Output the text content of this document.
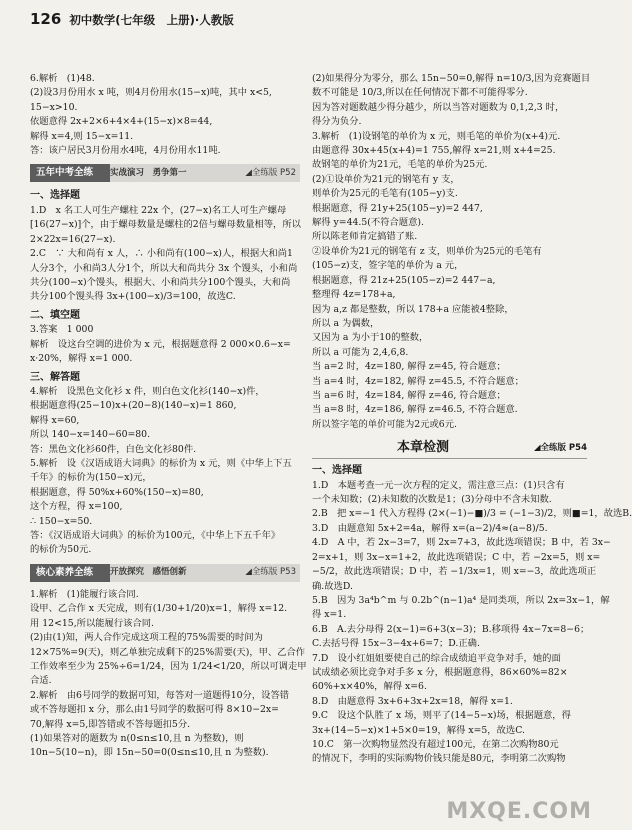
126 初中数学(七年级　上册)·人教版
6.解析　(1)48.
(2)设3月份用水 x 吨，则4月份用水(15−x)吨，其中 x<5,
15−x>10.
依题意得 2x+2×6+4×4+(15−x)×8=44,
解得 x=4,则 15−x=11.
答：该户居民3月份用水4吨，4月份用水11吨.
五年中考全练	实战演习　勇争第一	◢全练版 P52
一、选择题
1.D　x 名工人可生产螺柱 22x 个，(27−x)名工人可生产螺母
[16(27−x)]个，由于螺母数量是螺柱的2倍与螺母数量相等，所以
2×22x=16(27−x).
2.C　∵ 大和尚有 x 人，∴ 小和尚有(100−x)人，根据大和尚1
人分3个，小和尚3人分1个，所以大和尚共分 3x 个馒头，小和尚
共分(100−x)个馒头，根据大、小和尚共分100个馒头，大和尚
共分100个馒头得 3x+(100−x)/3=100，故选C.
二、填空题
3.答案　1 000
解析　设这台空调的进价为 x 元，根据题意得 2 000×0.6−x=
x·20%，解得 x=1 000.
三、解答题
4.解析　设黑色文化衫 x 件，则白色文化衫(140−x)件，
根据题意得(25−10)x+(20−8)(140−x)=1 860,
解得 x=60,
所以 140−x=140−60=80.
答：黑色文化衫60件，白色文化衫80件.
5.解析　设《汉语成语大词典》的标价为 x 元，则《中华上下五
千年》的标价为(150−x)元，
根据题意，得 50%x+60%(150−x)=80,
这个方程，得 x=100,
∴ 150−x=50.
答：《汉语成语大词典》的标价为100元，《中华上下五千年》
的标价为50元.
核心素养全练	开放探究　感悟创新	◢全练版 P53
1.解析　(1)能履行该合同.
设甲、乙合作 x 天完成，则有(1/30+1/20)x=1，解得 x=12.
用 12<15,所以能履行该合同.
(2)由(1)知，两人合作完成这项工程的75%需要的时间为
12×75%=9(天)，则乙单独完成剩下的25%需要(天)，甲、乙合作
工作效率至少为 25%÷6=1/24，因为 1/24<1/20，所以可调走甲
合适.
2.解析　由6号同学的数据可知，每答对一道题得10分，设答错
或不答每题扣 x 分，那么由1号同学的数据可得 8×10−2x=
70,解得 x=5,即答错或不答每题扣5分.
(1)如果答对的题数为 n(0≤n≤10,且 n 为整数)，则
10n−5(10−n)，即 15n−50=0(0≤n≤10,且 n 为整数).
(2)如果得分为零分，那么 15n−50=0,解得 n=10/3,因为竞赛题目
数不可能是 10/3,所以在任何情况下都不可能得零分.
因为答对题数越少得分越少，所以当答对题数为 0,1,2,3 时，
得分为负分.
3.解析　(1)设钢笔的单价为 x 元，则毛笔的单价为(x+4)元.
由题意得 30x+45(x+4)=1 755,解得 x=21,则 x+4=25.
故钢笔的单价为21元，毛笔的单价为25元.
(2)①设单价为21元的钢笔有 y 支，
则单价为25元的毛笔有(105−y)支.
根据题意，得 21y+25(105−y)=2 447,
解得 y=44.5(不符合题意).
所以陈老师肯定搞错了账.
②设单价为21元的钢笔有 z 支，则单价为25元的毛笔有
(105−z)支，签字笔的单价为 a 元，
根据题意，得 21z+25(105−z)=2 447−a,
整理得 4z=178+a,
因为 a,z 都是整数，所以 178+a 应能被4整除，
所以 a 为偶数，
又因为 a 为小于10的整数，
所以 a 可能为 2,4,6,8.
当 a=2 时，4z=180, 解得 z=45, 符合题意；
当 a=4 时，4z=182, 解得 z=45.5, 不符合题意；
当 a=6 时，4z=184, 解得 z=46, 符合题意；
当 a=8 时，4z=186, 解得 z=46.5, 不符合题意.
所以签字笔的单价可能为2元或6元.
本章检测	◢全练版 P54
一、选择题
1.D　本题考查一元一次方程的定义，需注意三点：(1)只含有
一个未知数；(2)未知数的次数是1；(3)分母中不含未知数.
2.B　把 x=−1 代入方程得 (2×(−1)−■)/3 = (−1−3)/2，则■=1，故选B.
3.D　由题意知 5x+2=4a，解得 x=(a−2)/4≈(a−8)/5.
4.D　A 中，若 2x−3=7，则 2x=7+3，故此选项错误；B 中，若 3x−
2=x+1，则 3x−x=1+2，故此选项错误；C 中，若 −2x=5，则 x=
−5/2，故此选项错误；D 中，若 −1/3x=1，则 x=−3，故此选项正
确.故选D.
5.B　因为 3a⁴b^m 与 0.2b^(n−1)a⁴ 是同类项，所以 2x=3x−1，解
得 x=1.
6.B　A.去分母得 2(x−1)=6+3(x−3)；B.移项得 4x−7x=8−6；
C.去括号得 15x−3−4x+6=7；D.正确.
7.D　设小红姐姐要使自己的综合成绩追平竞争对手，她的面
试成绩必须比竞争对手多 x 分，根据题意得，86×60%=82×
60%+x×40%，解得 x=6.
8.D　由题意得 3x+6+3x+2x=18，解得 x=1.
9.C　设这个队胜了 x 场，则平了(14−5−x)场，根据题意，得
3x+(14−5−x)×1+5×0=19，解得 x=5，故选C.
10.C　第一次购物显然没有超过100元，在第二次购物80元
的情况下，李明的实际购物价钱只能是80元，李明第二次购物
MXQE.COM
